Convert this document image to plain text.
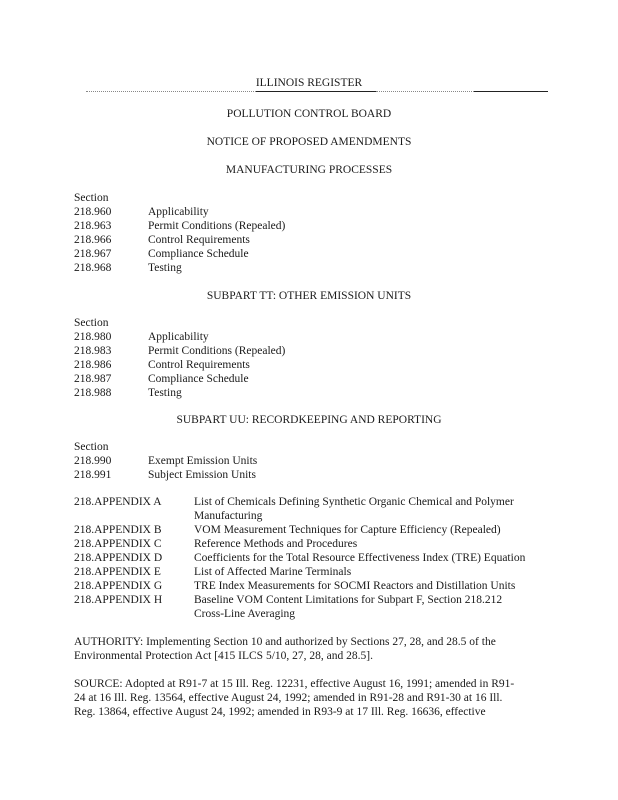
ILLINOIS REGISTER
POLLUTION CONTROL BOARD
NOTICE OF PROPOSED AMENDMENTS
MANUFACTURING PROCESSES
Section
218.960	Applicability
218.963	Permit Conditions (Repealed)
218.966	Control Requirements
218.967	Compliance Schedule
218.968	Testing
SUBPART TT: OTHER EMISSION UNITS
Section
218.980	Applicability
218.983	Permit Conditions (Repealed)
218.986	Control Requirements
218.987	Compliance Schedule
218.988	Testing
SUBPART UU: RECORDKEEPING AND REPORTING
Section
218.990	Exempt Emission Units
218.991	Subject Emission Units
218.APPENDIX A	List of Chemicals Defining Synthetic Organic Chemical and Polymer
Manufacturing
218.APPENDIX B	VOM Measurement Techniques for Capture Efficiency (Repealed)
218.APPENDIX C	Reference Methods and Procedures
218.APPENDIX D	Coefficients for the Total Resource Effectiveness Index (TRE) Equation
218.APPENDIX E	List of Affected Marine Terminals
218.APPENDIX G	TRE Index Measurements for SOCMI Reactors and Distillation Units
218.APPENDIX H	Baseline VOM Content Limitations for Subpart F, Section 218.212
Cross-Line Averaging
AUTHORITY: Implementing Section 10 and authorized by Sections 27, 28, and 28.5 of the
Environmental Protection Act [415 ILCS 5/10, 27, 28, and 28.5].
SOURCE: Adopted at R91-7 at 15 Ill. Reg. 12231, effective August 16, 1991; amended in R91-
24 at 16 Ill. Reg. 13564, effective August 24, 1992; amended in R91-28 and R91-30 at 16 Ill.
Reg. 13864, effective August 24, 1992; amended in R93-9 at 17 Ill. Reg. 16636, effective
